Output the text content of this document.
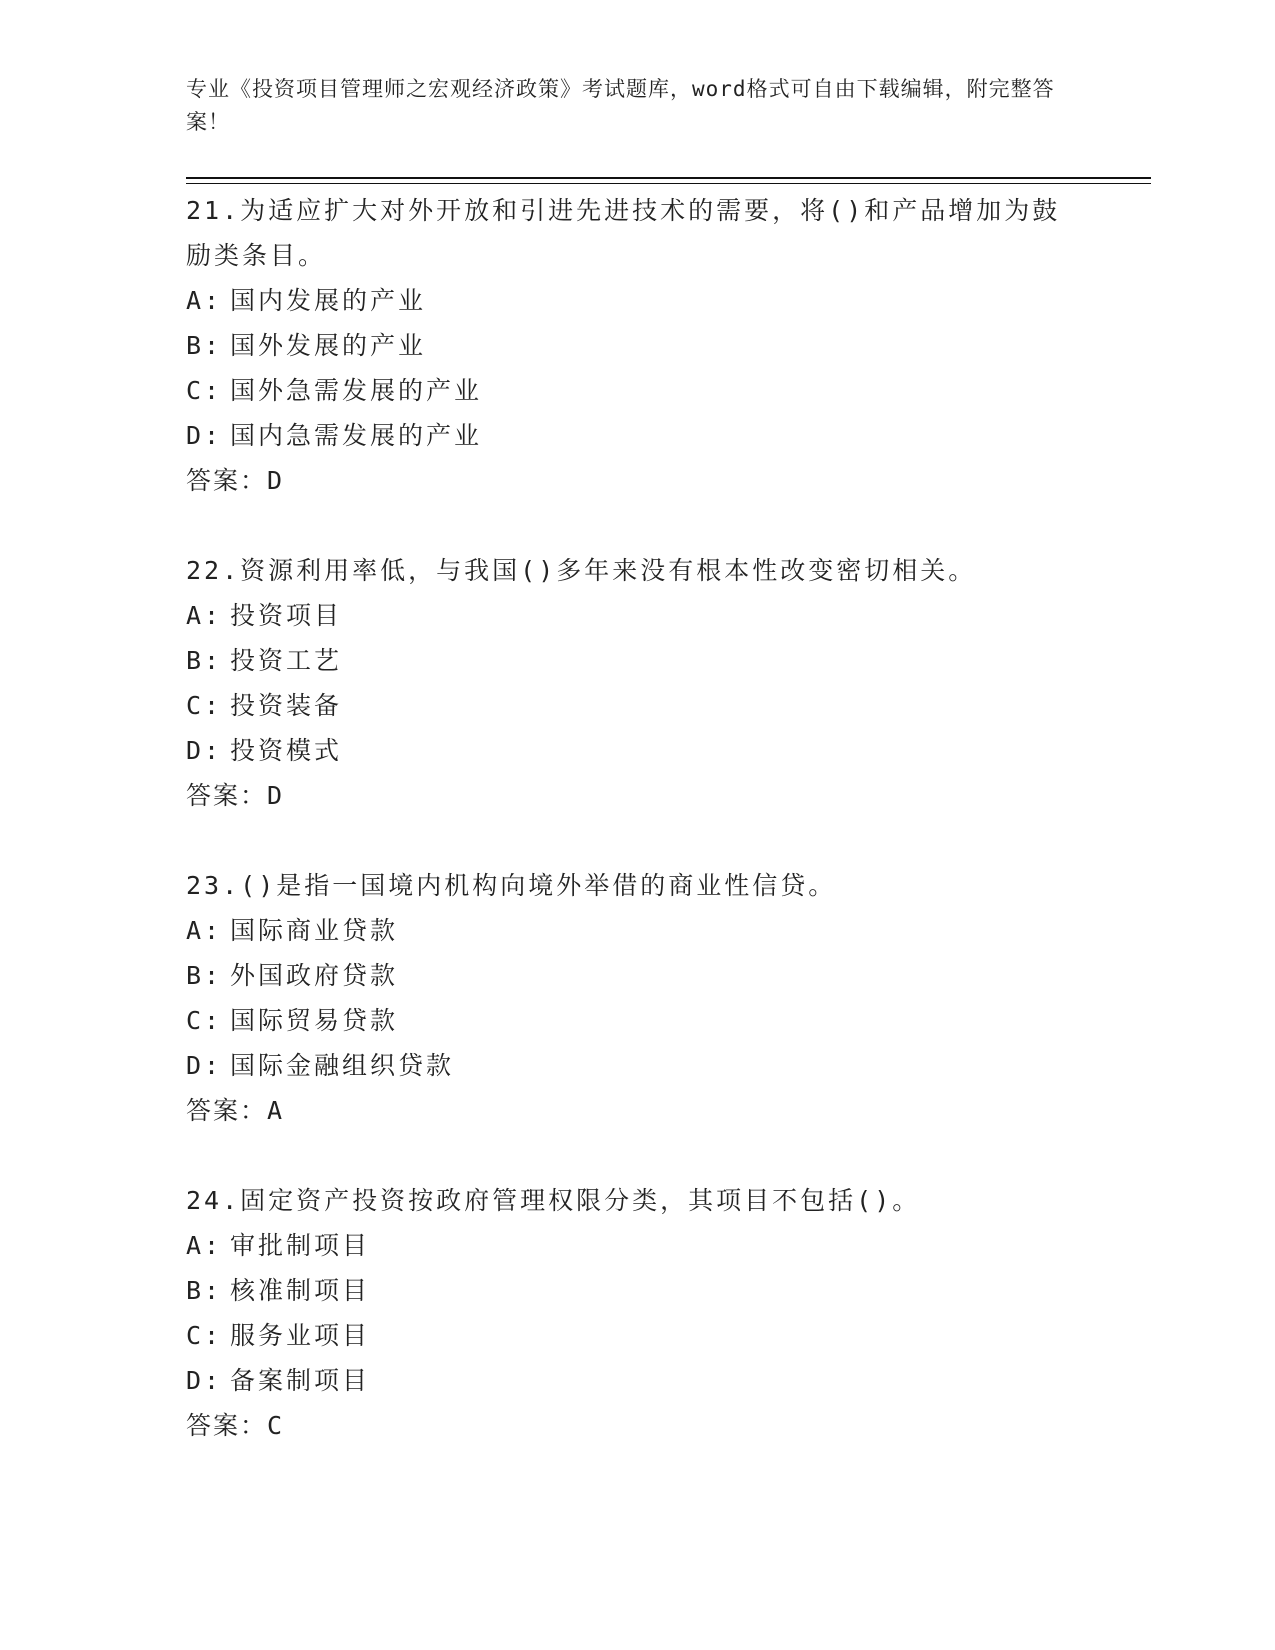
专业《投资项目管理师之宏观经济政策》考试题库，word格式可自由下载编辑，附完整答案！
21.为适应扩大对外开放和引进先进技术的需要，将()和产品增加为鼓励类条目。
A: 国内发展的产业
B: 国外发展的产业
C: 国外急需发展的产业
D: 国内急需发展的产业
答案：D
22.资源利用率低，与我国()多年来没有根本性改变密切相关。
A: 投资项目
B: 投资工艺
C: 投资装备
D: 投资模式
答案：D
23.()是指一国境内机构向境外举借的商业性信贷。
A: 国际商业贷款
B: 外国政府贷款
C: 国际贸易贷款
D: 国际金融组织贷款
答案：A
24.固定资产投资按政府管理权限分类，其项目不包括()。
A: 审批制项目
B: 核准制项目
C: 服务业项目
D: 备案制项目
答案：C
